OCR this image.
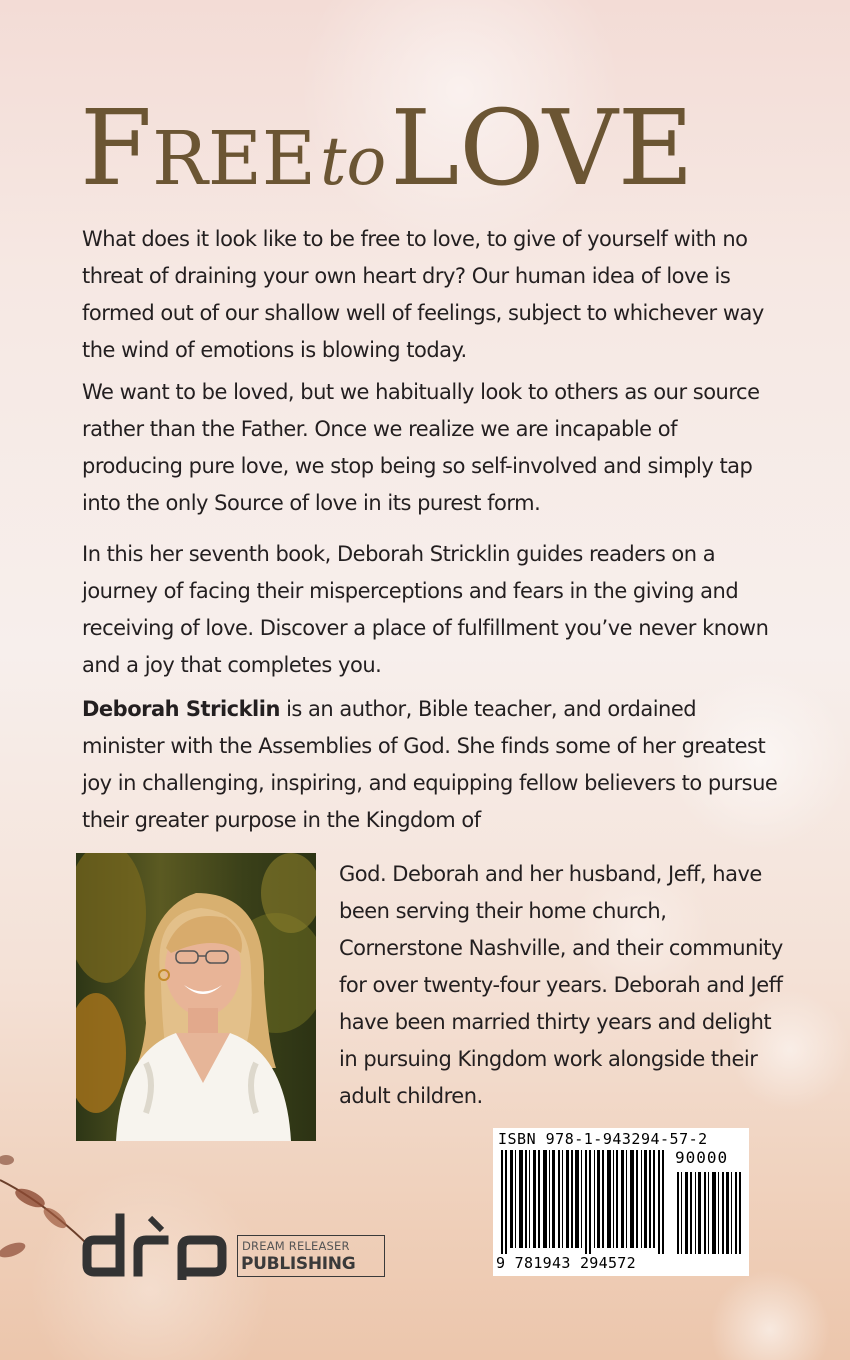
FREEtoLOVE

What does it look like to be free to love, to give of yourself with no threat of draining your own heart dry? Our human idea of love is formed out of our shallow well of feelings, subject to whichever way the wind of emotions is blowing today.

We want to be loved, but we habitually look to others as our source rather than the Father. Once we realize we are incapable of producing pure love, we stop being so self-involved and simply tap into the only Source of love in its purest form.

In this her seventh book, Deborah Stricklin guides readers on a journey of facing their misperceptions and fears in the giving and receiving of love. Discover a place of fulfillment you’ve never known and a joy that completes you.

Deborah Stricklin is an author, Bible teacher, and ordained minister with the Assemblies of God. She finds some of her greatest joy in challenging, inspiring, and equipping fellow believers to pursue their greater purpose in the Kingdom of

God. Deborah and her husband, Jeff, have been serving their home church, Cornerstone Nashville, and their community for over twenty-four years. Deborah and Jeff have been married thirty years and delight in pursuing Kingdom work alongside their adult children.

ISBN 978-1-943294-57-2
90000
9 781943 294572
DREAM RELEASER
PUBLISHING
